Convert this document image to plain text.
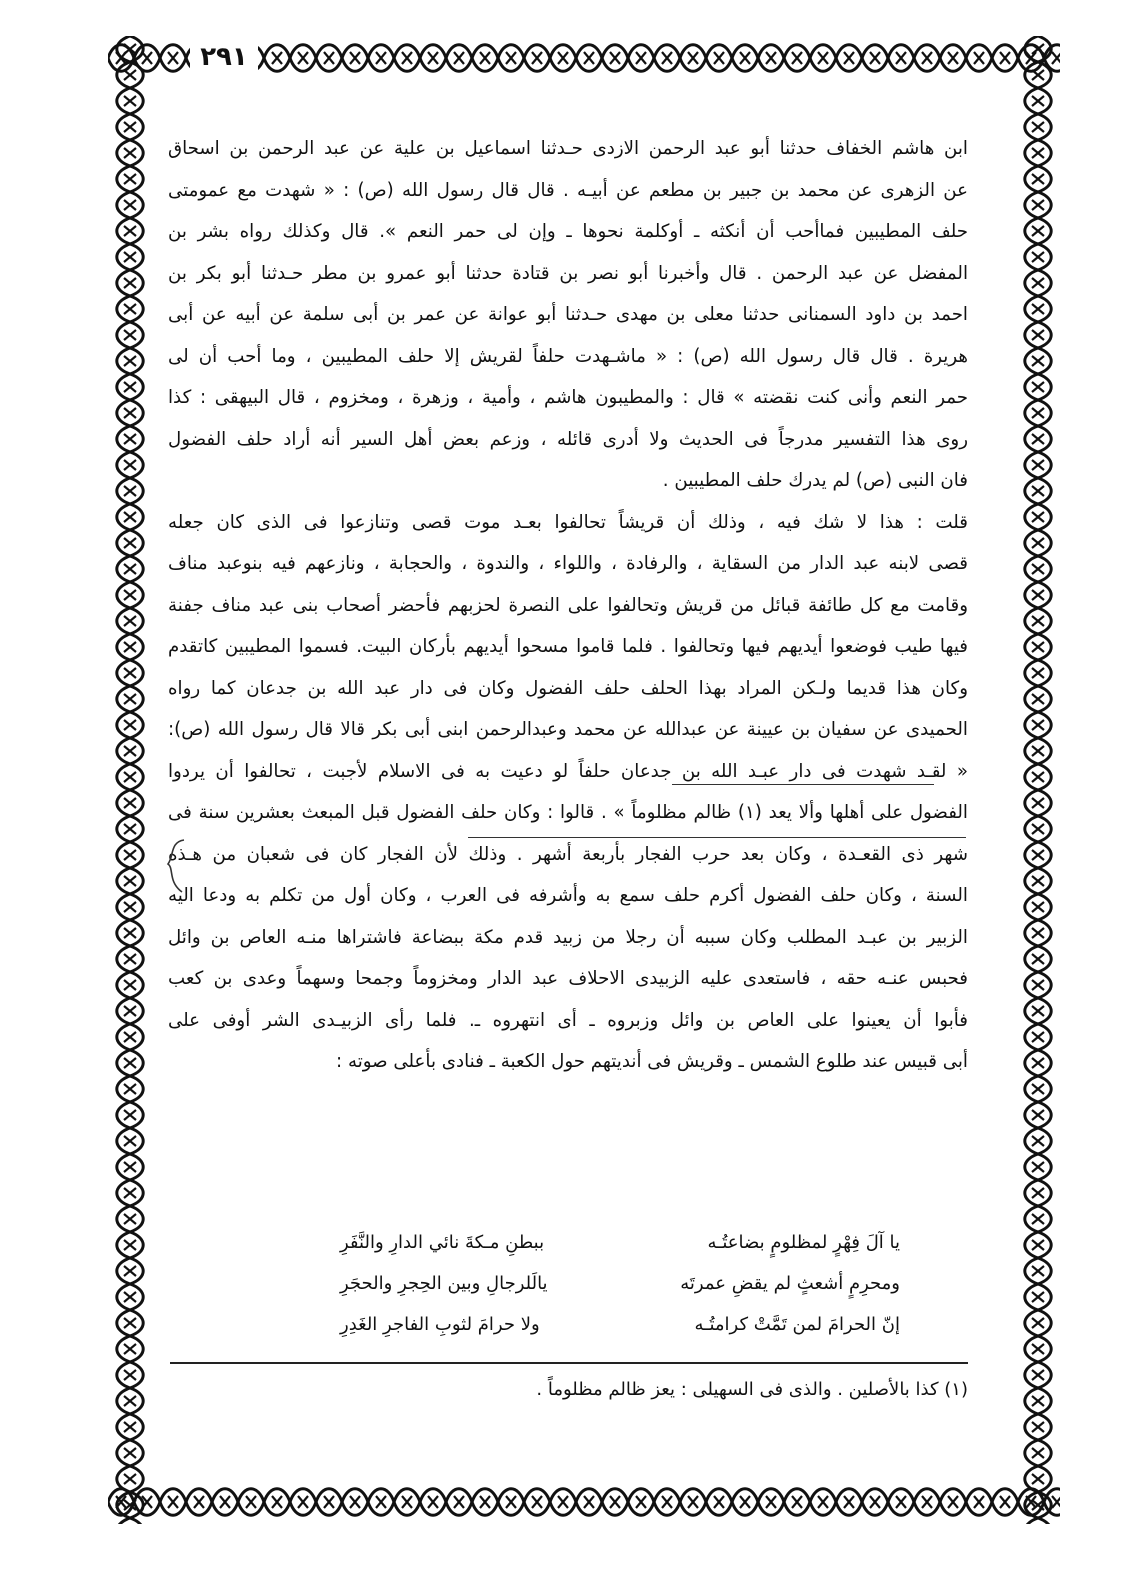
٢٩١
ابن هاشم الخفاف حدثنا أبو عبد الرحمن الازدى حـدثنا اسماعيل بن علية عن عبد الرحمن بن اسحاق
عن الزهرى عن محمد بن جبير بن مطعم عن أبيـه . قال قال رسول الله (ص) : « شهدت مع عمومتى
حلف المطيبين فماأحب أن أنكثه ـ أوكلمة نحوها ـ وإن لى حمر النعم ». قال وكذلك رواه بشر بن
المفضل عن عبد الرحمن . قال وأخبرنا أبو نصر بن قتادة حدثنا أبو عمرو بن مطر حـدثنا أبو بكر بن
احمد بن داود السمنانى حدثنا معلى بن مهدى حـدثنا أبو عوانة عن عمر بن أبى سلمة عن أبيه عن أبى
هريرة . قال قال رسول الله (ص) : « ماشـهدت حلفاً لقريش إلا حلف المطيبين ، وما أحب أن لى
حمر النعم وأنى كنت نقضته » قال : والمطيبون هاشم ، وأمية ، وزهرة ، ومخزوم ، قال البيهقى : كذا
روى هذا التفسير مدرجاً فى الحديث ولا أدرى قائله ، وزعم بعض أهل السير أنه أراد حلف الفضول
فان النبى (ص) لم يدرك حلف المطيبين .
قلت : هذا لا شك فيه ، وذلك أن قريشاً تحالفوا بعـد موت قصى وتنازعوا فى الذى كان جعله
قصى لابنه عبد الدار من السقاية ، والرفادة ، واللواء ، والندوة ، والحجابة ، ونازعهم فيه بنوعبد مناف
وقامت مع كل طائفة قبائل من قريش وتحالفوا على النصرة لحزبهم فأحضر أصحاب بنى عبد مناف جفنة
فيها طيب فوضعوا أيديهم فيها وتحالفوا . فلما قاموا مسحوا أيديهم بأركان البيت. فسموا المطيبين كاتقدم
وكان هذا قديما ولـكن المراد بهذا الحلف حلف الفضول وكان فى دار عبد الله بن جدعان كما رواه
الحميدى عن سفيان بن عيينة عن عبدالله عن محمد وعبدالرحمن ابنى أبى بكر قالا قال رسول الله (ص):
« لقـد شهدت فى دار عبـد الله بن جدعان حلفاً لو دعيت به فى الاسلام لأجبت ، تحالفوا أن يردوا
الفضول على أهلها وألا يعد (١) ظالم مظلوماً » . قالوا : وكان حلف الفضول قبل المبعث بعشرين سنة فى
شهر ذى القعـدة ، وكان بعد حرب الفجار بأربعة أشهر . وذلك لأن الفجار كان فى شعبان من هـذه
السنة ، وكان حلف الفضول أكرم حلف سمع به وأشرفه فى العرب ، وكان أول من تكلم به ودعا اليه
الزبير بن عبـد المطلب وكان سببه أن رجلا من زبيد قدم مكة ببضاعة فاشتراها منـه العاص بن وائل
فحبس عنـه حقه ، فاستعدى عليه الزبيدى الاحلاف عبد الدار ومخزوماً وجمحا وسهماً وعدى بن كعب
فأبوا أن يعينوا على العاص بن وائل وزبروه ـ أى انتهروه ـ. فلما رأى الزبيـدى الشر أوفى على
أبى قبيس عند طلوع الشمس ـ وقريش فى أنديتهم حول الكعبة ـ فنادى بأعلى صوته :
يا آلَ فِهْرٍ لمظلومٍ بضاعتُـه
ببطنِ مـكةَ نائي الدارِ والنَّفَرِ
ومحرِمٍ أشعثٍ لم يقضِ عمرتَه
يالَلرجالِ وبين الحِجرِ والحجَرِ
إنّ الحرامَ لمن تَمَّتْ كرامتُـه
ولا حرامَ لثوبِ الفاجرِ الغَدِرِ
(١) كذا بالأصلين . والذى فى السهيلى : يعز ظالم مظلوماً .
